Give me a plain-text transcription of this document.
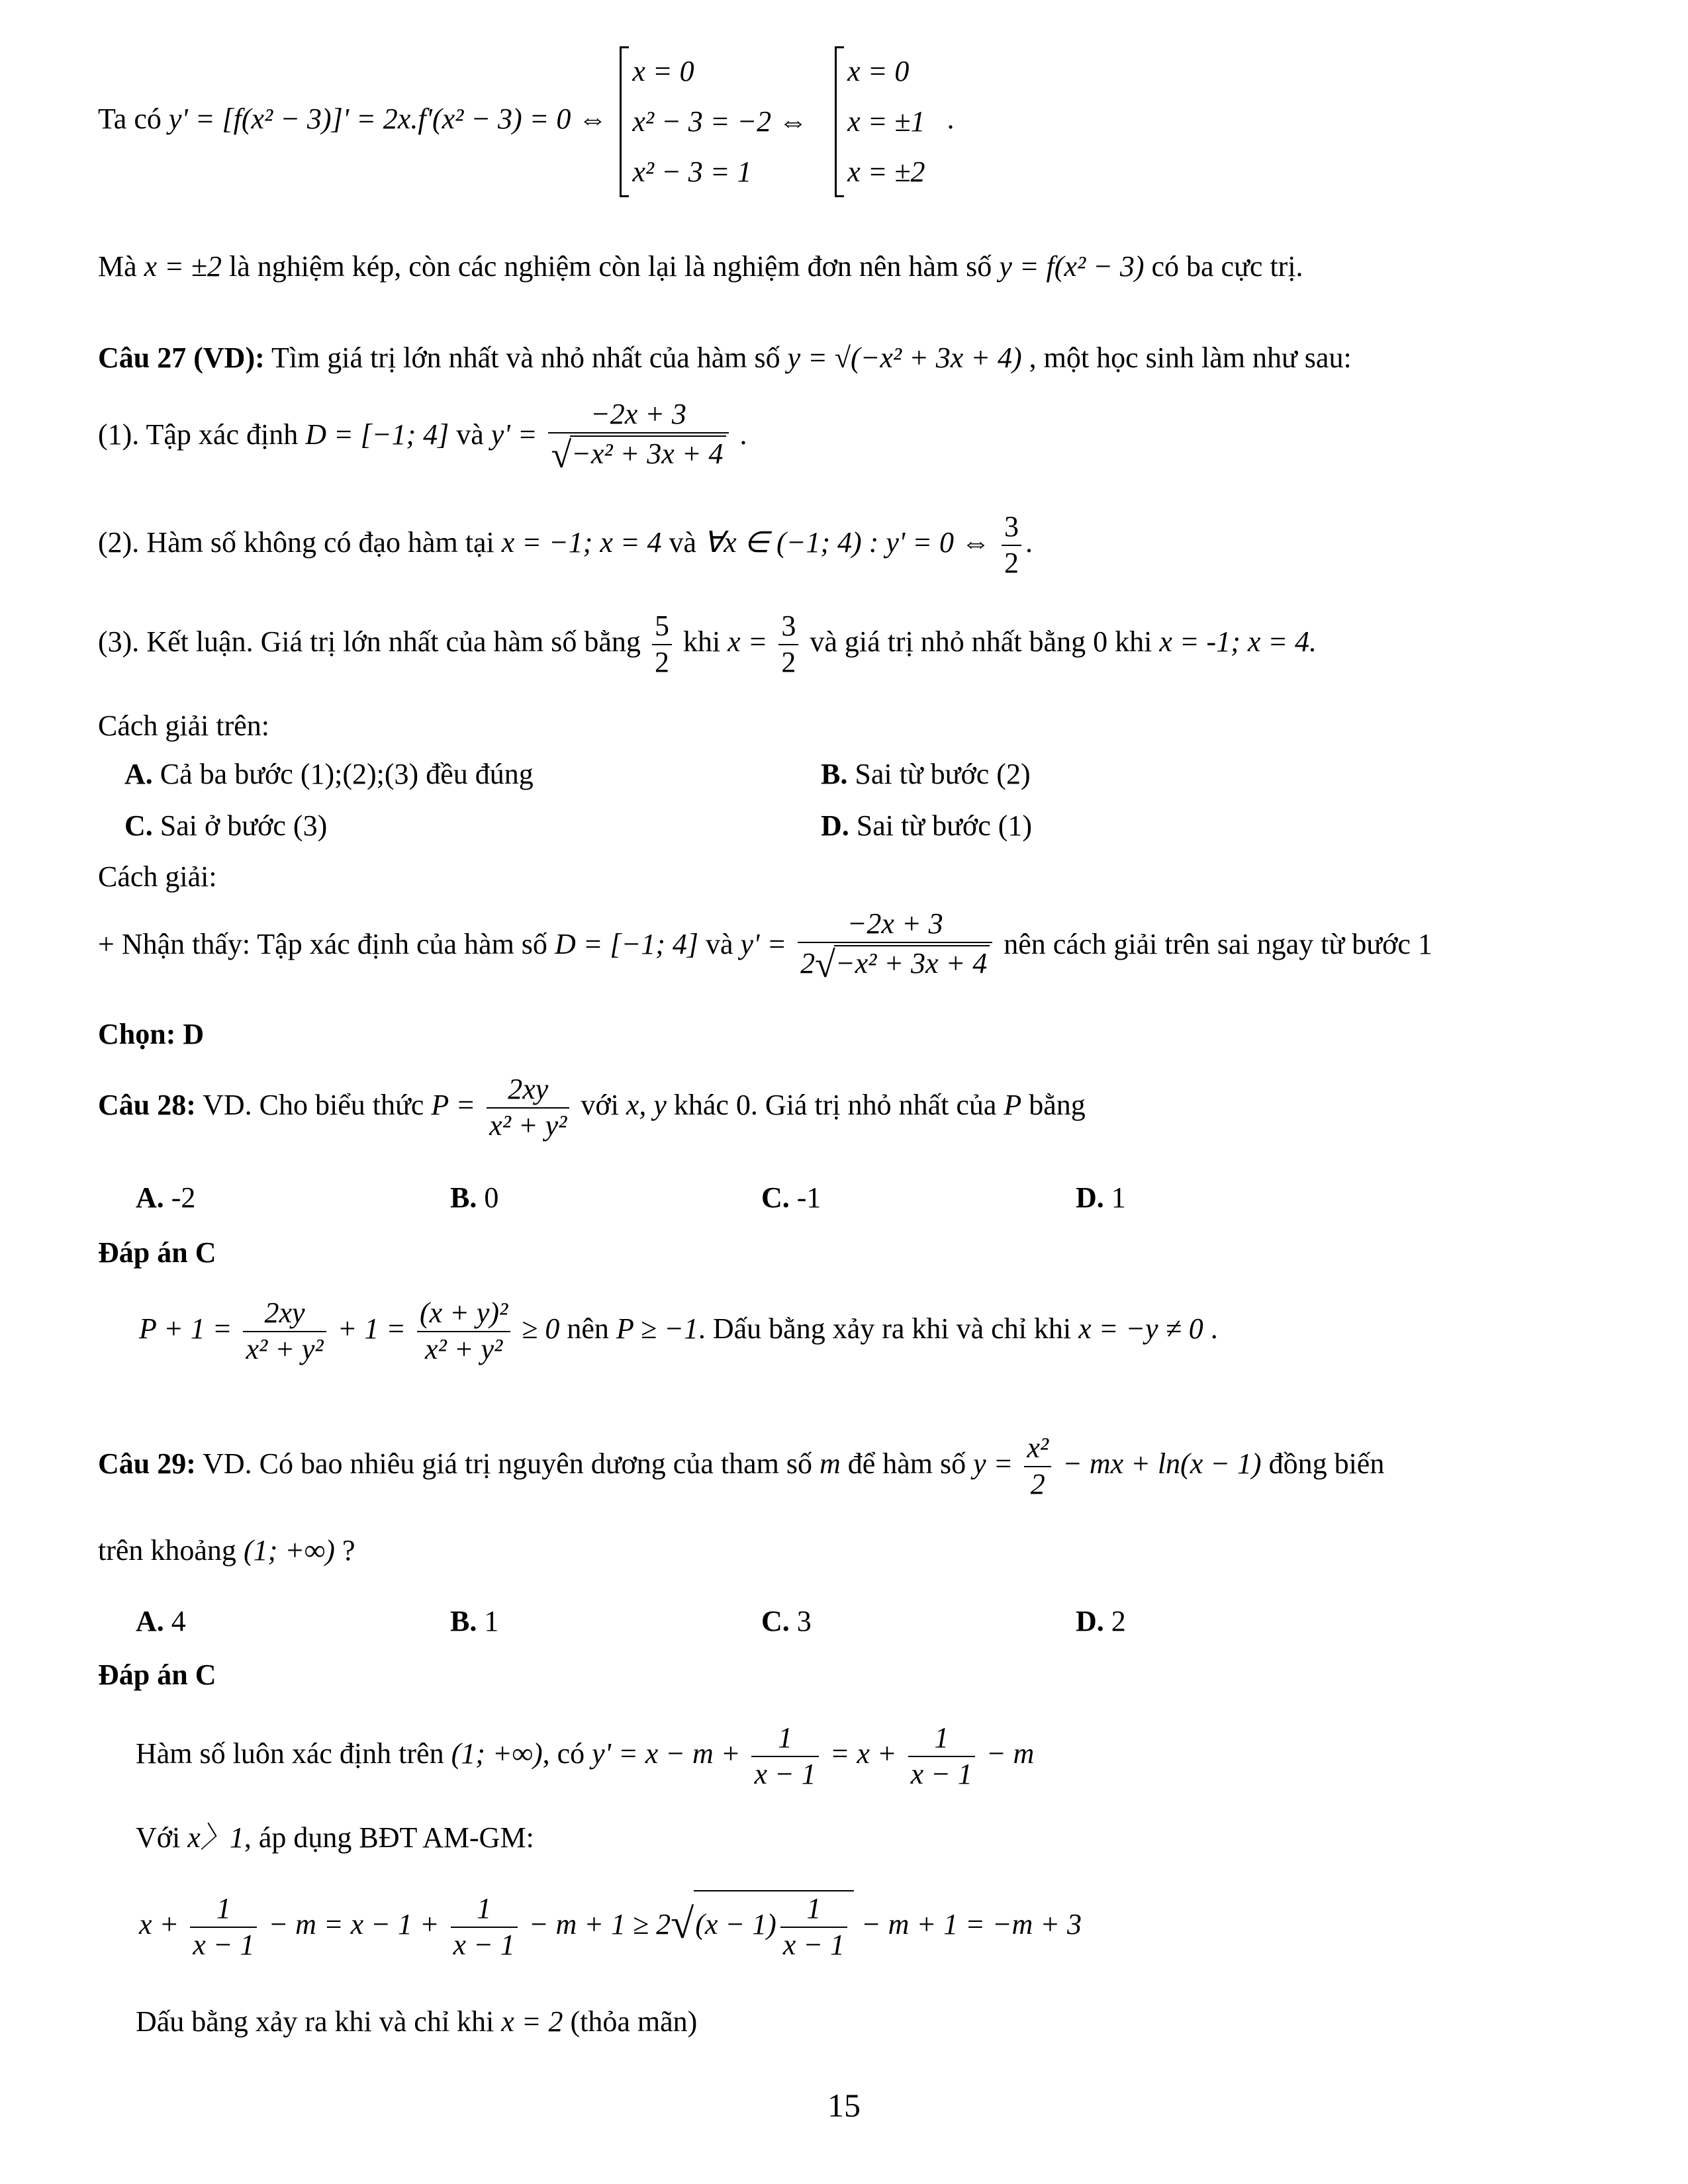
Ta có y' = [f(x² − 3)]' = 2x.f'(x² − 3) = 0 ⇔
x = 0
x² − 3 = −2 ⇔
x² − 3 = 1

x = 0
x = ±1
x = ±2
.
Mà x = ±2 là nghiệm kép, còn các nghiệm còn lại là nghiệm đơn nên hàm số y = f(x² − 3) có ba cực trị.
Câu 27 (VD): Tìm giá trị lớn nhất và nhỏ nhất của hàm số y = √(−x² + 3x + 4) , một học sinh làm như sau:
(1). Tập xác định D = [−1; 4] và $y' = \frac{-2x + 3}{\text{√−x² + 3x + 4}}$ .
(2). Hàm số không có đạo hàm tại x = −1; x = 4 và ∀x ∈ (−1; 4) : y' = 0 ⇔ $\frac{3}{2}$ .
(3). Kết luận. Giá trị lớn nhất của hàm số bằng $\frac{5}{2}$ khi $x = \frac{3}{2}$ và giá trị nhỏ nhất bằng 0 khi x = -1; x = 4.
Cách giải trên:
A. Cả ba bước (1);(2);(3) đều đúng	B. Sai từ bước (2)
C. Sai ở bước (3)	D. Sai từ bước (1)
Cách giải:
+ Nhận thấy: Tập xác định của hàm số D = [−1; 4] và $y' = \frac{-2x + 3}{\text{2√−x² + 3x + 4}}$ nên cách giải trên sai ngay từ bước 1
Chọn: D
Câu 28: VD. Cho biểu thức $P = \frac{2xy}{\text{x² + y²}}$ với x, y khác 0. Giá trị nhỏ nhất của P bằng
A. -2	B. 0	C. -1	D. 1
Đáp án C
$P + 1 = \frac{2xy}{\text{x² + y²}} + 1 = \frac{\text{(x + y)²}}{\text{x² + y²}} \ge 0$ nên P ≥ −1. Dấu bằng xảy ra khi và chỉ khi x = −y ≠ 0 .
Câu 29: VD. Có bao nhiêu giá trị nguyên dương của tham số m để hàm số $y = \frac{\text{x²}}{2}$ − mx + ln(x − 1) đồng biến
trên khoảng (1; +∞) ?
A. 4	B. 1	C. 3	D. 2
Đáp án C
Hàm số luôn xác định trên (1; +∞), có $y' = x - m + \frac{1}{x - 1} = x + \frac{1}{x - 1} - m$
Với x〉1, áp dụng BĐT AM-GM:
$x + \frac{1}{x - 1} - m = x - 1 + \frac{1}{x - 1} - m + 1 \ge 2√(x - 1) \frac{1}{x - 1} - m + 1 = -m + 3$
Dấu bằng xảy ra khi và chỉ khi x = 2 (thỏa mãn)
15
